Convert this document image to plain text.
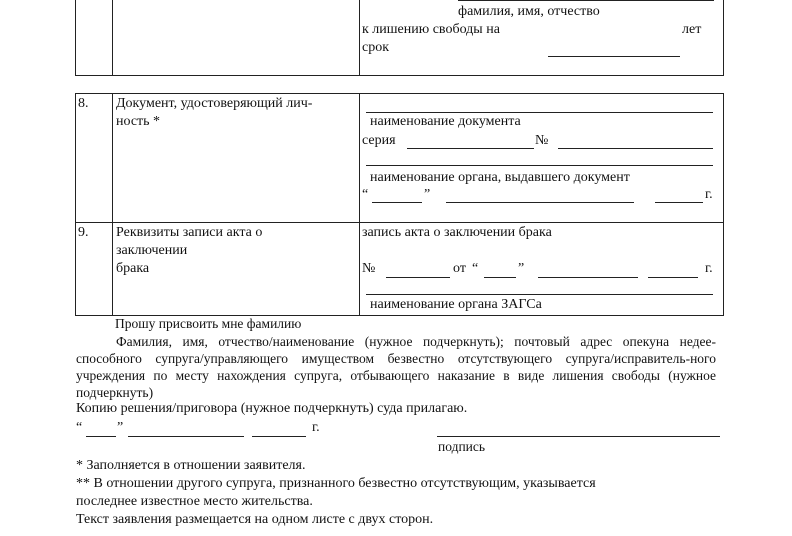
фамилия, имя, отчество
к лишению свободы на	лет
срок
8. Документ, удостоверяющий лич-
ность *	наименование документа
серия	№
наименование органа, выдавшего документ
“	”	г.
9. Реквизиты записи акта о
заключении
брака
запись акта о заключении брака
№	от “	”	г.
наименование органа ЗАГСа
Прошу присвоить мне фамилию
Фамилия, имя, отчество/наименование (нужное подчеркнуть); почтовый адрес опекуна недее-способного супруга/управляющего имуществом безвестно отсутствующего супруга/исправитель-ного учреждения по месту нахождения супруга, отбывающего наказание в виде лишения свободы (нужное подчеркнуть)
Копию решения/приговора (нужное подчеркнуть) суда прилагаю.
“ ”	г.
подпись
* Заполняется в отношении заявителя.
** В отношении другого супруга, признанного безвестно отсутствующим, указывается
последнее известное место жительства.
Текст заявления размещается на одном листе с двух сторон.
